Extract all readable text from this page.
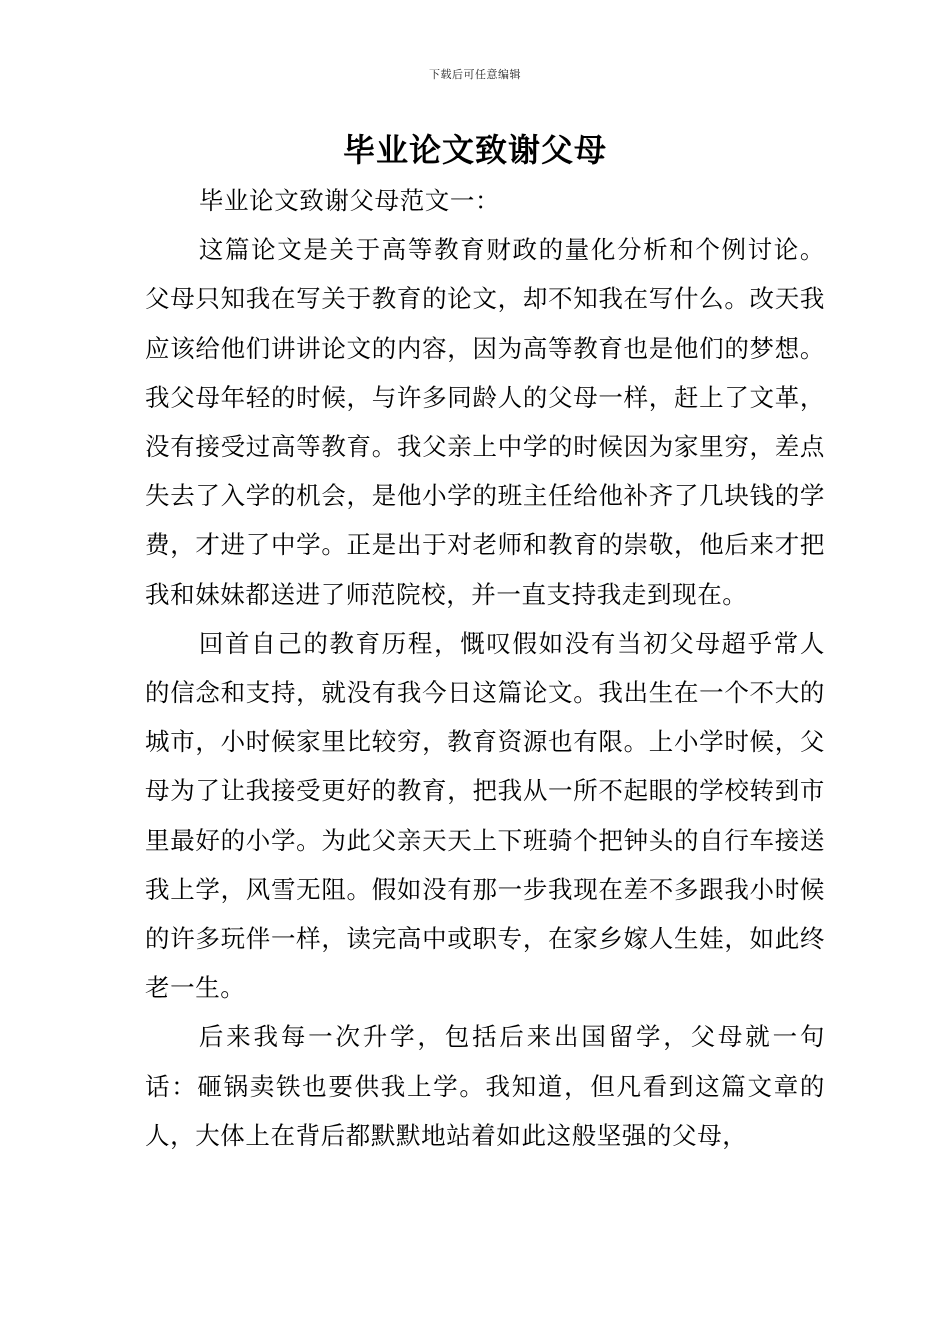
下载后可任意编辑
毕业论文致谢父母

毕业论文致谢父母范文一：

这篇论文是关于高等教育财政的量化分析和个例讨论。父母只知我在写关于教育的论文，却不知我在写什么。改天我应该给他们讲讲论文的内容，因为高等教育也是他们的梦想。我父母年轻的时候，与许多同龄人的父母一样，赶上了文革，没有接受过高等教育。我父亲上中学的时候因为家里穷，差点失去了入学的机会，是他小学的班主任给他补齐了几块钱的学费，才进了中学。正是出于对老师和教育的崇敬，他后来才把我和妹妹都送进了师范院校，并一直支持我走到现在。

回首自己的教育历程，慨叹假如没有当初父母超乎常人的信念和支持，就没有我今日这篇论文。我出生在一个不大的城市，小时候家里比较穷，教育资源也有限。上小学时候，父母为了让我接受更好的教育，把我从一所不起眼的学校转到市里最好的小学。为此父亲天天上下班骑个把钟头的自行车接送我上学，风雪无阻。假如没有那一步我现在差不多跟我小时候的许多玩伴一样，读完高中或职专，在家乡嫁人生娃，如此终老一生。

后来我每一次升学，包括后来出国留学，父母就一句话：砸锅卖铁也要供我上学。我知道，但凡看到这篇文章的人，大体上在背后都默默地站着如此这般坚强的父母，
